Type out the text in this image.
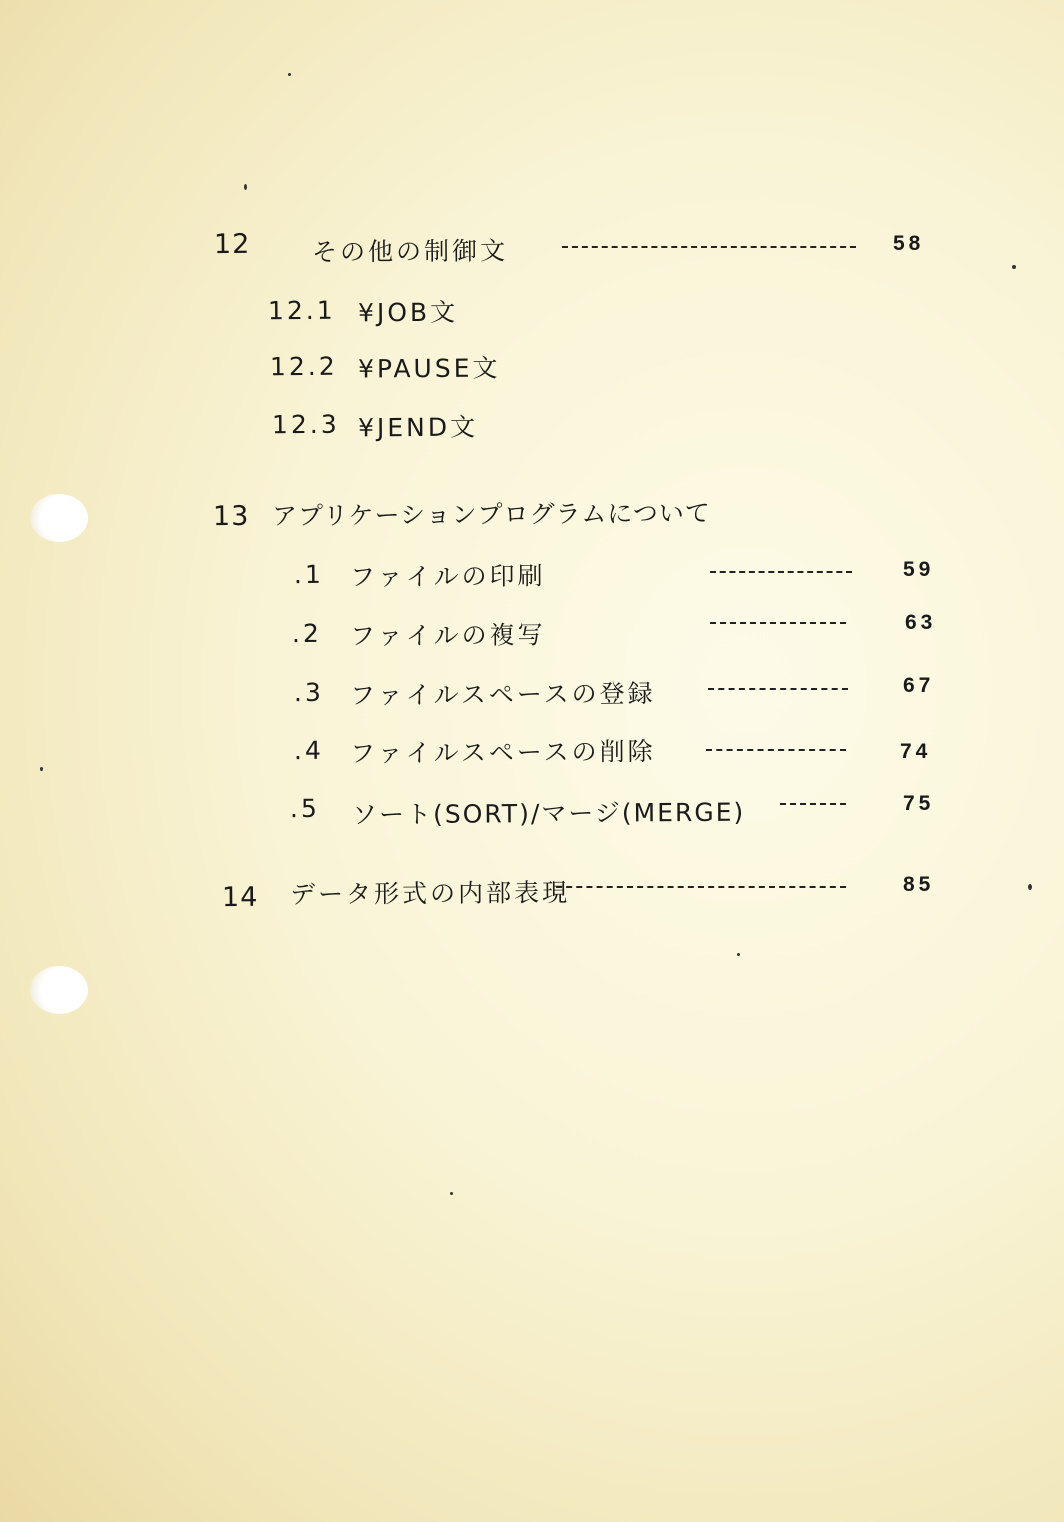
12 その他の制御文	58
12.1 ¥JOB文
12.2 ¥PAUSE文
12.3 ¥JEND文
13 アプリケーションプログラムについて
.1 ファイルの印刷	59
.2 ファイルの複写	63
.3 ファイルスペースの登録	67
.4 ファイルスペースの削除	74
.5 ソート(SORT)/マージ(MERGE)	75
14 データ形式の内部表現	85
